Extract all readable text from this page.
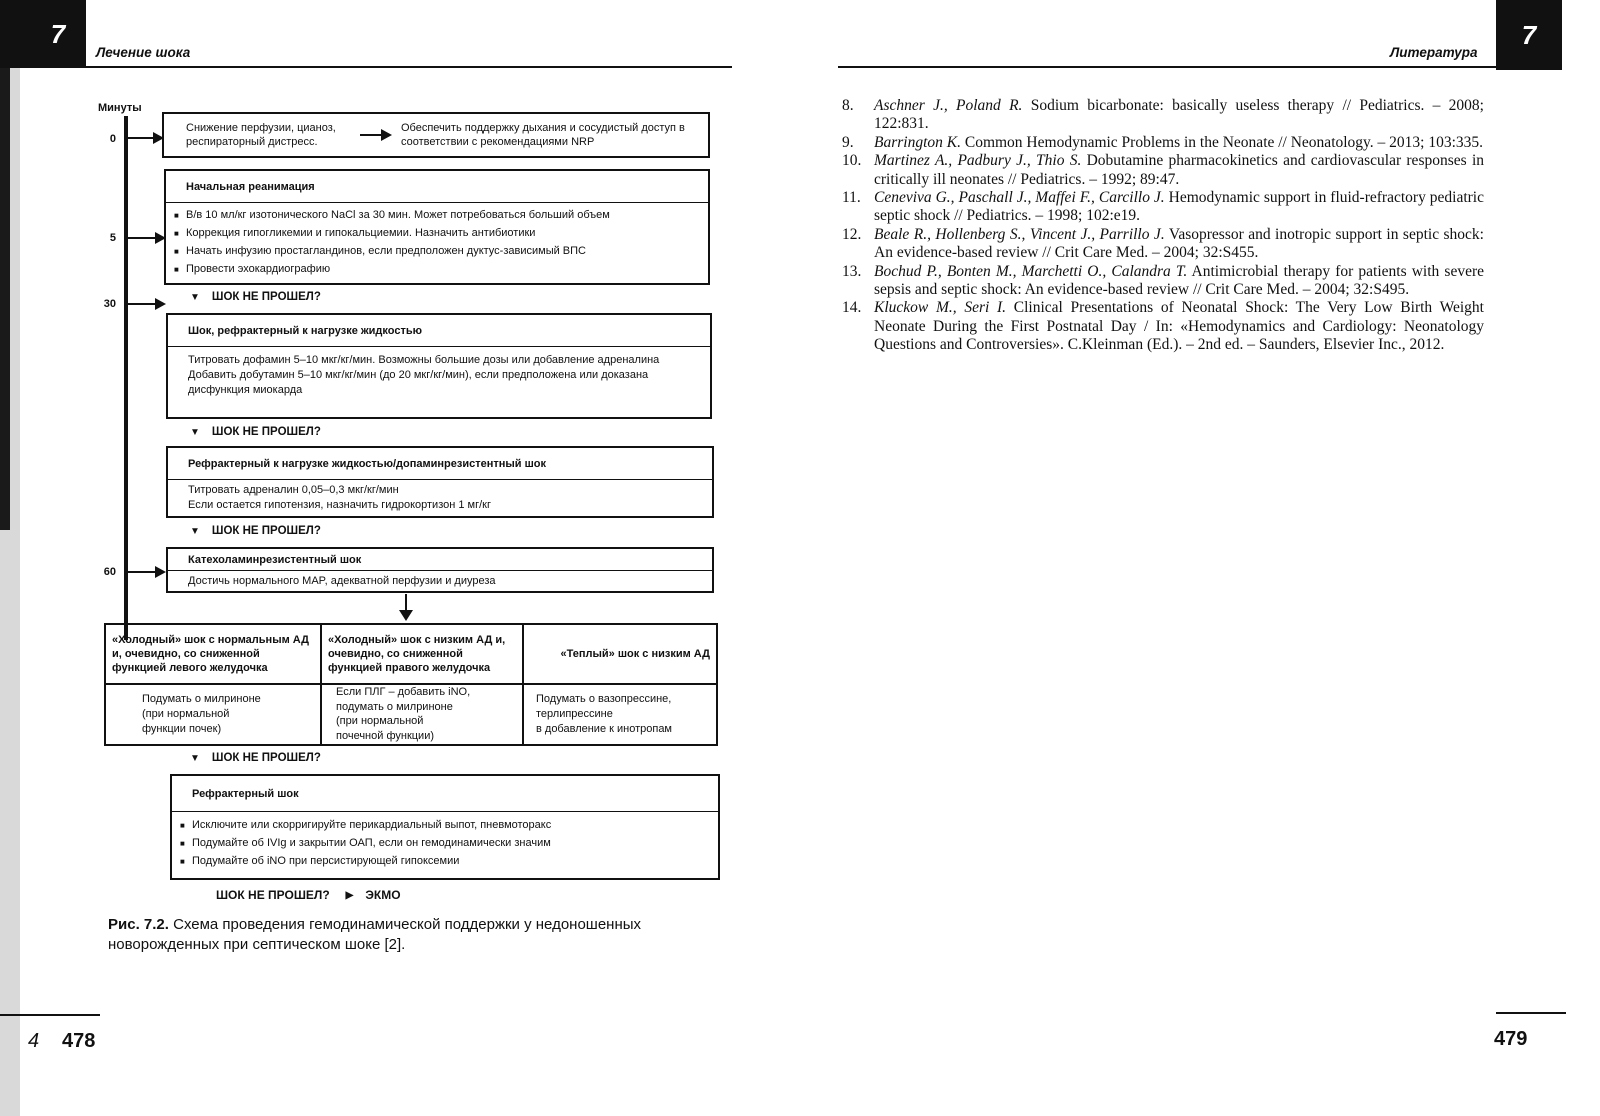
7
Лечение шока
Минуты
0
5
30
60
Снижение перфузии, цианоз, респираторный дистресс.
Обеспечить поддержку дыхания и сосудистый доступ в соответствии с рекомендациями NRP
Начальная реанимация
■ В/в 10 мл/кг изотонического NaCl за 30 мин. Может потребоваться больший объем
■ Коррекция гипогликемии и гипокальциемии. Назначить антибиотики
■ Начать инфузию простагландинов, если предположен дуктус-зависимый ВПС
■ Провести эхокардиографию
▼ ШОК НЕ ПРОШЕЛ?
Шок, рефрактерный к нагрузке жидкостью
Титровать дофамин 5–10 мкг/кг/мин. Возможны большие дозы или добавление адреналина
Добавить добутамин 5–10 мкг/кг/мин (до 20 мкг/кг/мин), если предположена или доказана дисфункция миокарда
▼ ШОК НЕ ПРОШЕЛ?
Рефрактерный к нагрузке жидкостью/допаминрезистентный шок
Титровать адреналин 0,05–0,3 мкг/кг/мин
Если остается гипотензия, назначить гидрокортизон 1 мг/кг
▼ ШОК НЕ ПРОШЕЛ?
Катехоламинрезистентный шок
Достичь нормального MAP, адекватной перфузии и диуреза
«Холодный» шок с нормальным АД и, очевидно, со сниженной функцией левого желудочка
«Холодный» шок с низким АД и, очевидно, со сниженной функцией правого желудочка
«Теплый» шок с низким АД
Подумать о милриноне
(при нормальной
функции почек)
Если ПЛГ – добавить iNO,
подумать о милриноне
(при нормальной
почечной функции)
Подумать о вазопрессине,
терлипрессине
в добавление к инотропам
▼ ШОК НЕ ПРОШЕЛ?
Рефрактерный шок
■ Исключите или скорригируйте перикардиальный выпот, пневмоторакс
■ Подумайте об IVIg и закрытии ОАП, если он гемодинамически значим
■ Подумайте об iNO при персистирующей гипоксемии
ШОК НЕ ПРОШЕЛ? ▶ ЭКМО
Рис. 7.2. Схема проведения гемодинамической поддержки у недоношенных новорожденных при септическом шоке [2].
4 478
Литература
7
8.	Aschner J., Poland R. Sodium bicarbonate: basically useless therapy // Pediatrics. – 2008; 122:831.
9.	Barrington K. Common Hemodynamic Problems in the Neonate // Neonatology. – 2013; 103:335.
10. Martinez A., Padbury J., Thio S. Dobutamine pharmacokinetics and cardiovascular responses in critically ill neonates // Pediatrics. – 1992; 89:47.
11. Ceneviva G., Paschall J., Maffei F., Carcillo J. Hemodynamic support in fluid-refractory pediatric septic shock // Pediatrics. – 1998; 102:e19.
12. Beale R., Hollenberg S., Vincent J., Parrillo J. Vasopressor and inotropic support in septic shock: An evidence-based review // Crit Care Med. – 2004; 32:S455.
13. Bochud P., Bonten M., Marchetti O., Calandra T. Antimicrobial therapy for patients with severe sepsis and septic shock: An evidence-based review // Crit Care Med. – 2004; 32:S495.
14. Kluckow M., Seri I. Clinical Presentations of Neonatal Shock: The Very Low Birth Weight Neonate During the First Postnatal Day / In: «Hemodynamics and Cardiology: Neonatology Questions and Controversies». C.Kleinman (Ed.). – 2nd ed. – Saunders, Elsevier Inc., 2012.
479
